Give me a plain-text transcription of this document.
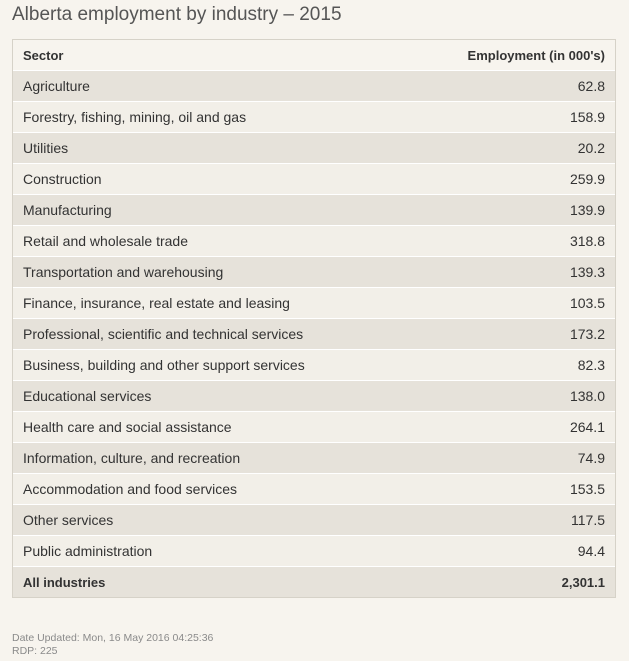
Alberta employment by industry – 2015
Sector	Employment (in 000's)
Agriculture	62.8
Forestry, fishing, mining, oil and gas	158.9
Utilities	20.2
Construction	259.9
Manufacturing	139.9
Retail and wholesale trade	318.8
Transportation and warehousing	139.3
Finance, insurance, real estate and leasing	103.5
Professional, scientific and technical services	173.2
Business, building and other support services	82.3
Educational services	138.0
Health care and social assistance	264.1
Information, culture, and recreation	74.9
Accommodation and food services	153.5
Other services	117.5
Public administration	94.4
All industries	2,301.1
Date Updated: Mon, 16 May 2016 04:25:36
RDP: 225
